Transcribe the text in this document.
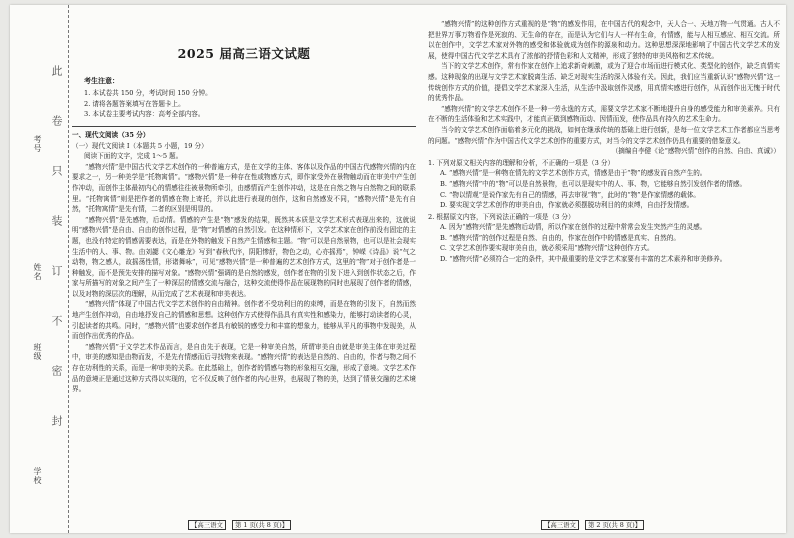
考号
姓名
班级
学校
此
卷
只
装
订
不
密
封
2025 届高三语文试题
考生注意：
1. 本试卷共 150 分，考试时间 150 分钟。
2. 请将各题答案填写在答题卡上。
3. 本试卷主要考试内容：高考全部内容。
一、现代文阅读（35 分）
（一）现代文阅读 I（本题共 5 小题，19 分）
阅读下面的文字，完成 1～5 题。

“感物兴情”是中国古代文学艺术创作的一种普遍方式，是在文学的主体、客体以及作品的中国古代感物兴情的内在要求之一，另一种美学是“托物寓情”。“感物兴情”是一种存在性或物感方式，即作家受外在景物触动而在审美中产生创作冲动，而创作主体最初内心的情感往往被景物所牵引，由感情而产生创作冲动，这是在自然之物与自然物之间的联系里。“托物寓情”则是把作者的情感在物上寄托，并以此进行表现的创作，这和自然感发不同，“感物兴情”是先有自然，“托物寓情”是先有情，二者的区别是明显的。

“感物兴情”是先感物，后动情。情感的产生是“物”感发的结果，既然其本质是文学艺术形式表现出来的，这就说明“感物兴情”是自由、自由的创作过程，是“物”对情感的自然引发。在这种情形下，文学艺术家在创作前没有固定的主题，也没有特定的情感需要表达，而是在外物的触发下自然产生情感和主题。“物”可以是自然景物，也可以是社会现实生活中的人、事、物。由刘勰《文心雕龙》写到“春秋代序，阴阳惨舒，物色之动，心亦摇焉”，钟嵘《诗品》说“气之动物，物之感人，故摇荡性情，形诸舞咏”，可见“感物兴情”是一种普遍的艺术创作方式，这里的“物”对于创作者是一种触发，而不是预先安排的描写对象。“感物兴情”强调的是自然的感发，创作者在物的引发下进入到创作状态之后，作家与所描写的对象之间产生了一种深层的情感交流与融合，这种交流使得作品在展现物的同时也展现了创作者的情感，以及对物的深层次的理解，从而完成了艺术表现和审美表达。

“感物兴情”体现了中国古代文学艺术创作的自由精神。创作者不受功利目的的束缚，而是在物的引发下，自然而然地产生创作冲动，自由地抒发自己的情感和思想。这种创作方式使得作品具有真实性和感染力，能够打动读者的心灵，引起读者的共鸣。同时，“感物兴情”也要求创作者具有敏锐的感受力和丰富的想象力，能够从平凡的事物中发现美，从而创作出优秀的作品。

“感物兴情”于文学艺术作品而言，是自由先于表现，它是一种审美自然，所谓审美自由就是审美主体在审美过程中，审美的感知是由物而发，不是先有情感而后寻找物来表现。“感物兴情”的表达是自然的、自由的，作者与物之间不存在功利性的关系，而是一种审美的关系。在此基础上，创作者的情感与物的形象相互交融，形成了意境。文学艺术作品的意境正是通过这种方式得以实现的，它不仅反映了创作者的内心世界，也展现了物的美，达到了情景交融的艺术境界。

【高三语文 第 1 页(共 8 页)】

“感物兴情”的这种创作方式重视的是“物”的感发作用，在中国古代的观念中，天人合一、天地万物一气贯通。古人不把世界万事万物看作是死寂的、无生命的存在，而是认为它们与人一样有生命，有情感，能与人相互感应、相互交流。所以在创作中，文学艺术家对外物的感受和体验就成为创作的源泉和动力。这种思想深深地影响了中国古代文学艺术的发展，使得中国古代文学艺术具有了浓郁的抒情色彩和人文精神，形成了独特的审美风格和艺术传统。

当下的文学艺术创作，常有作家在创作上追求新奇刺激，或为了迎合市场而进行模式化、类型化的创作，缺乏真情实感。这种现象的出现与文学艺术家脱离生活、缺乏对现实生活的深入体验有关。因此，我们应当重新认识“感物兴情”这一传统创作方式的价值，提倡文学艺术家深入生活，从生活中汲取创作灵感，用真情实感进行创作，从而创作出无愧于时代的优秀作品。

“感物兴情”的文学艺术创作不是一种一劳永逸的方式，需要文学艺术家不断地提升自身的感受能力和审美素养。只有在不断的生活体验和艺术实践中，才能真正做到感物而动、因情而发，使作品具有持久的艺术生命力。

当今的文学艺术创作面临着多元化的挑战，如何在继承传统的基础上进行创新，是每一位文学艺术工作者都应当思考的问题。“感物兴情”作为中国古代文学艺术创作的重要方式，对当今的文学艺术创作仍具有重要的借鉴意义。

（摘编自李健《论“感物兴情”创作的自然、自由、真诚》）

1. 下列对原文相关内容的理解和分析，不正确的一项是（3 分）

A. “感物兴情”是一种物在情先的文学艺术创作方式，情感是由于“物”的感发而自然产生的。

B. “感物兴情”中的“物”可以是自然景物，也可以是现实中的人、事、物，它能够自然引发创作者的情感。

C. “物以情观”是说作家先有自己的情感，再去审视“物”，此时的“物”是作家情感的载体。

D. 要实现文学艺术创作的审美自由，作家就必须摆脱功利目的的束缚，自由抒发情感。

2. 根据原文内容，下列说法正确的一项是（3 分）

A. 因为“感物兴情”是先感物后动情，所以作家在创作的过程中常常会发生突然产生的灵感。

B. “感物兴情”的创作过程是自然、自由的，作家在创作中的情感是真实、自然的。

C. 文学艺术创作要实现审美自由，就必须采用“感物兴情”这种创作方式。

D. “感物兴情”必须符合一定的条件，其中最重要的是文学艺术家要有丰富的艺术素养和审美修养。

【高三语文 第 2 页(共 8 页)】
